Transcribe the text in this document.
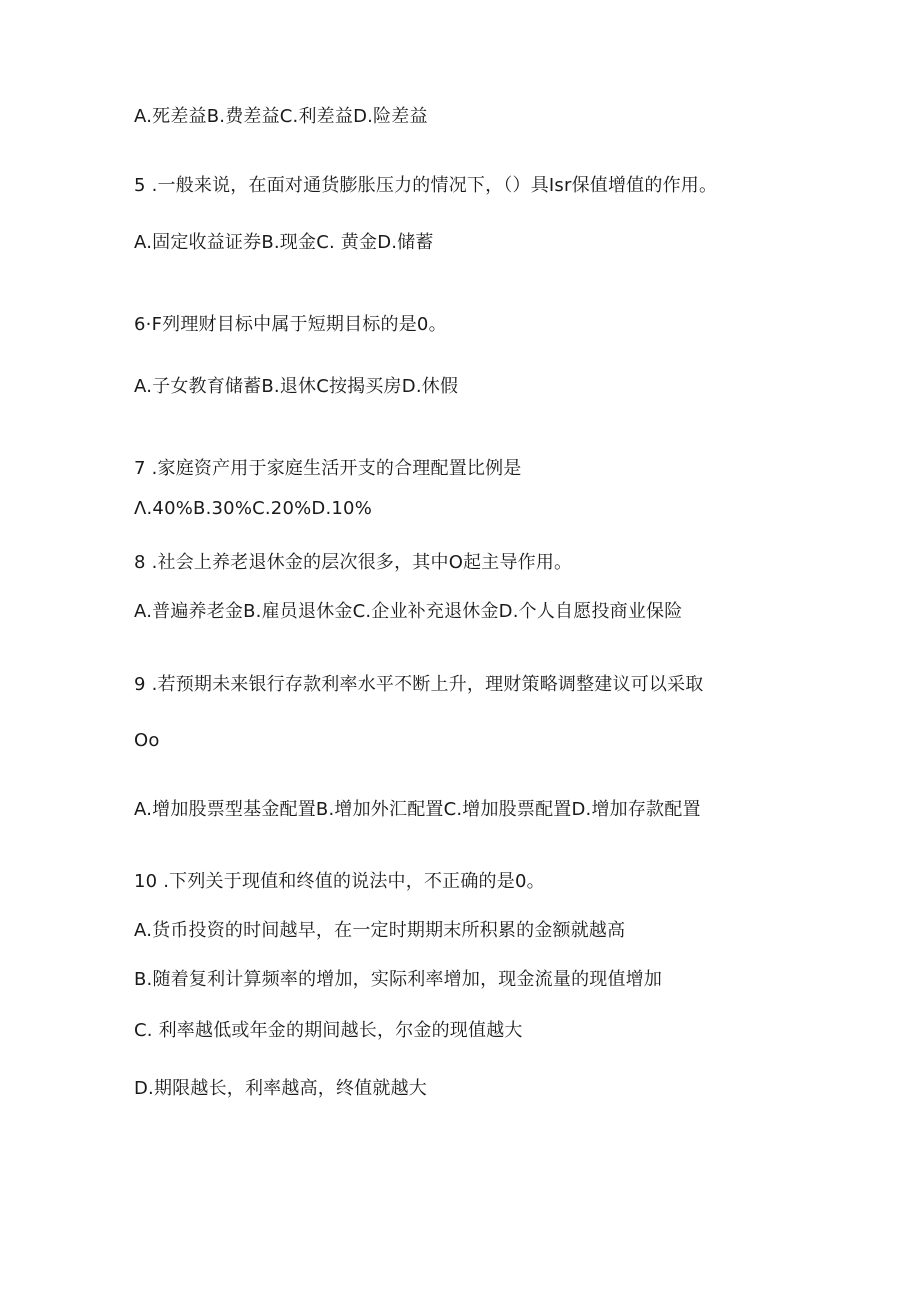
A.死差益B.费差益C.利差益D.险差益
5 .一般来说，在面对通货膨胀压力的情况下，（）具Isr保值增值的作用。
A.固定收益证券B.现金C. 黄金D.储蓄
6·F列理财目标中属于短期目标的是0。
A.子女教育储蓄B.退休C按揭买房D.休假
7 .家庭资产用于家庭生活开支的合理配置比例是
Λ.40%B.30%C.20%D.10%
8 .社会上养老退休金的层次很多，其中O起主导作用。
A.普遍养老金B.雇员退休金C.企业补充退休金D.个人自愿投商业保险
9 .若预期未来银行存款利率水平不断上升，理财策略调整建议可以采取
Oo
A.增加股票型基金配置B.增加外汇配置C.增加股票配置D.增加存款配置
10 .下列关于现值和终值的说法中，不正确的是0。
A.货币投资的时间越早，在一定时期期末所积累的金额就越高
B.随着复利计算频率的增加，实际利率增加，现金流量的现值增加
C. 利率越低或年金的期间越长，尔金的现值越大
D.期限越长，利率越高，终值就越大
